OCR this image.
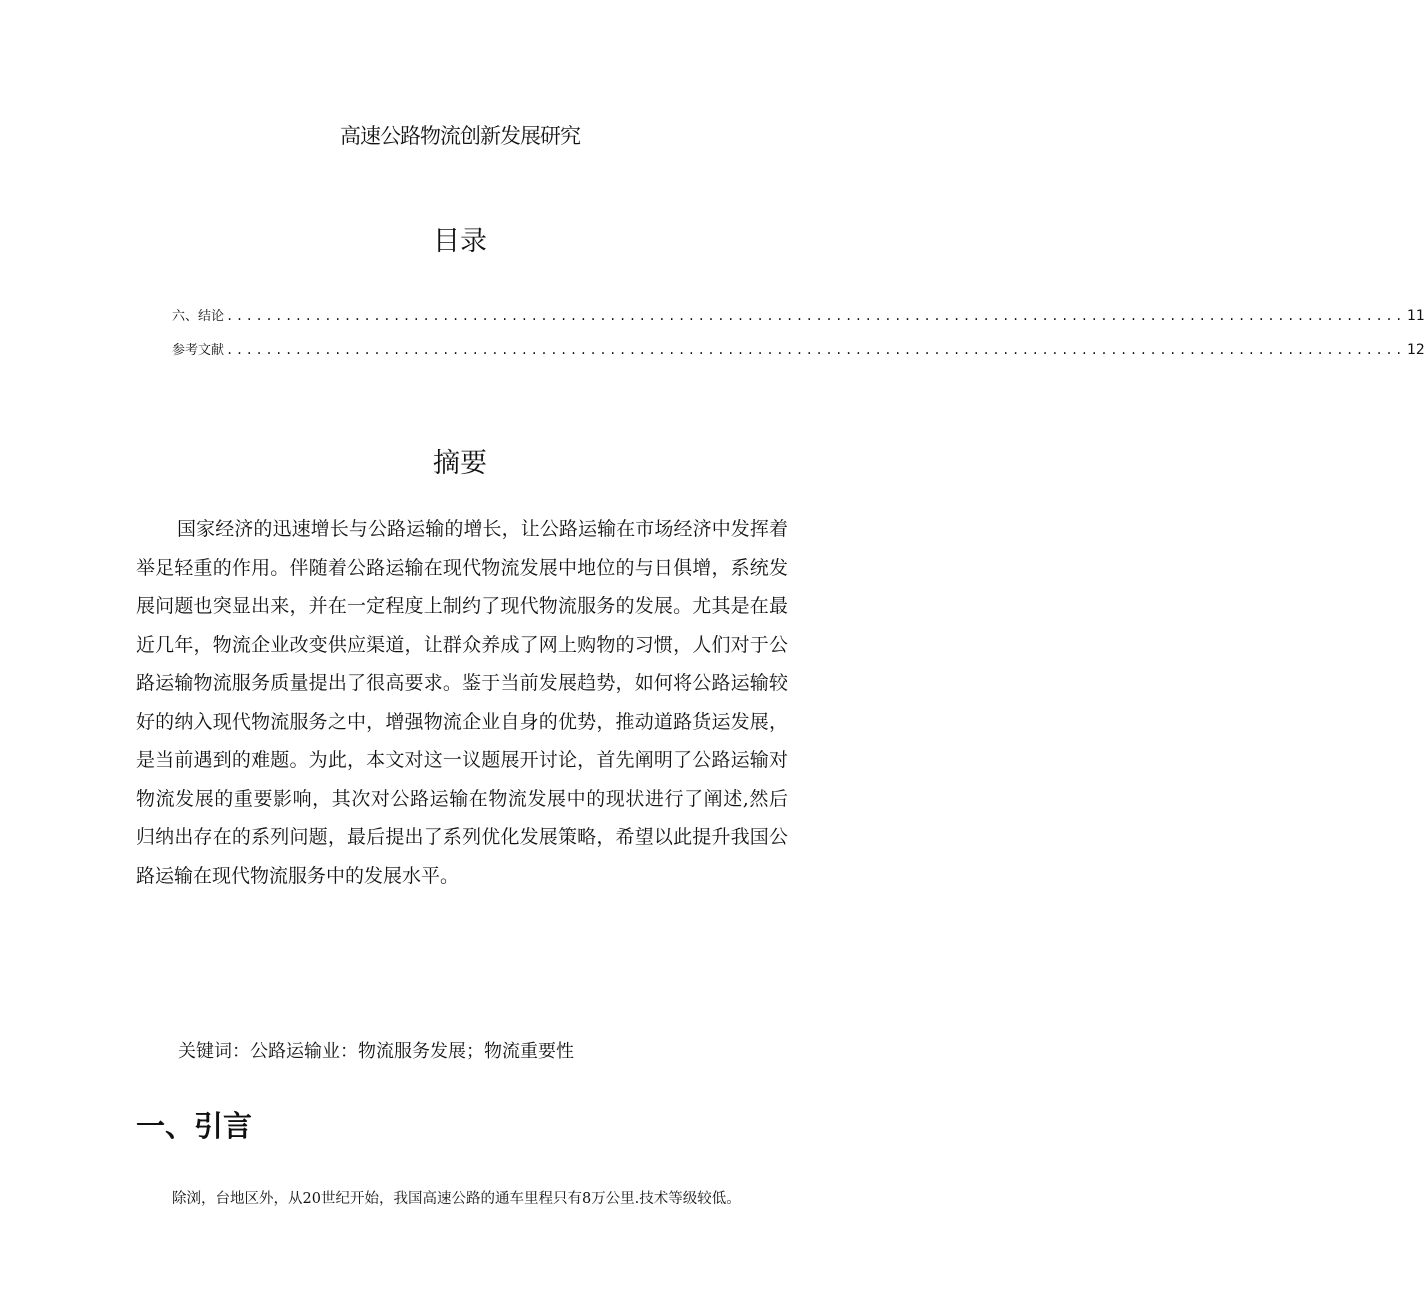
高速公路物流创新发展研究
目录
六、结论 ........................................................................................................................ 11
参考文献 ........................................................................................................................ 12
摘要

国家经济的迅速增长与公路运输的增长，让公路运输在市场经济中发挥着举足轻重的作用。伴随着公路运输在现代物流发展中地位的与日俱增，系统发展问题也突显出来，并在一定程度上制约了现代物流服务的发展。尤其是在最近几年，物流企业改变供应渠道，让群众养成了网上购物的习惯，人们对于公路运输物流服务质量提出了很高要求。鉴于当前发展趋势，如何将公路运输较好的纳入现代物流服务之中，增强物流企业自身的优势，推动道路货运发展，是当前遇到的难题。为此，本文对这一议题展开讨论，首先阐明了公路运输对物流发展的重要影响，其次对公路运输在物流发展中的现状进行了阐述,然后归纳出存在的系列问题，最后提出了系列优化发展策略，希望以此提升我国公路运输在现代物流服务中的发展水平。

关键词：公路运输业：物流服务发展；物流重要性

一、引言

除浏，台地区外，从20世纪开始，我国高速公路的通车里程只有8万公里.技术等级较低。
